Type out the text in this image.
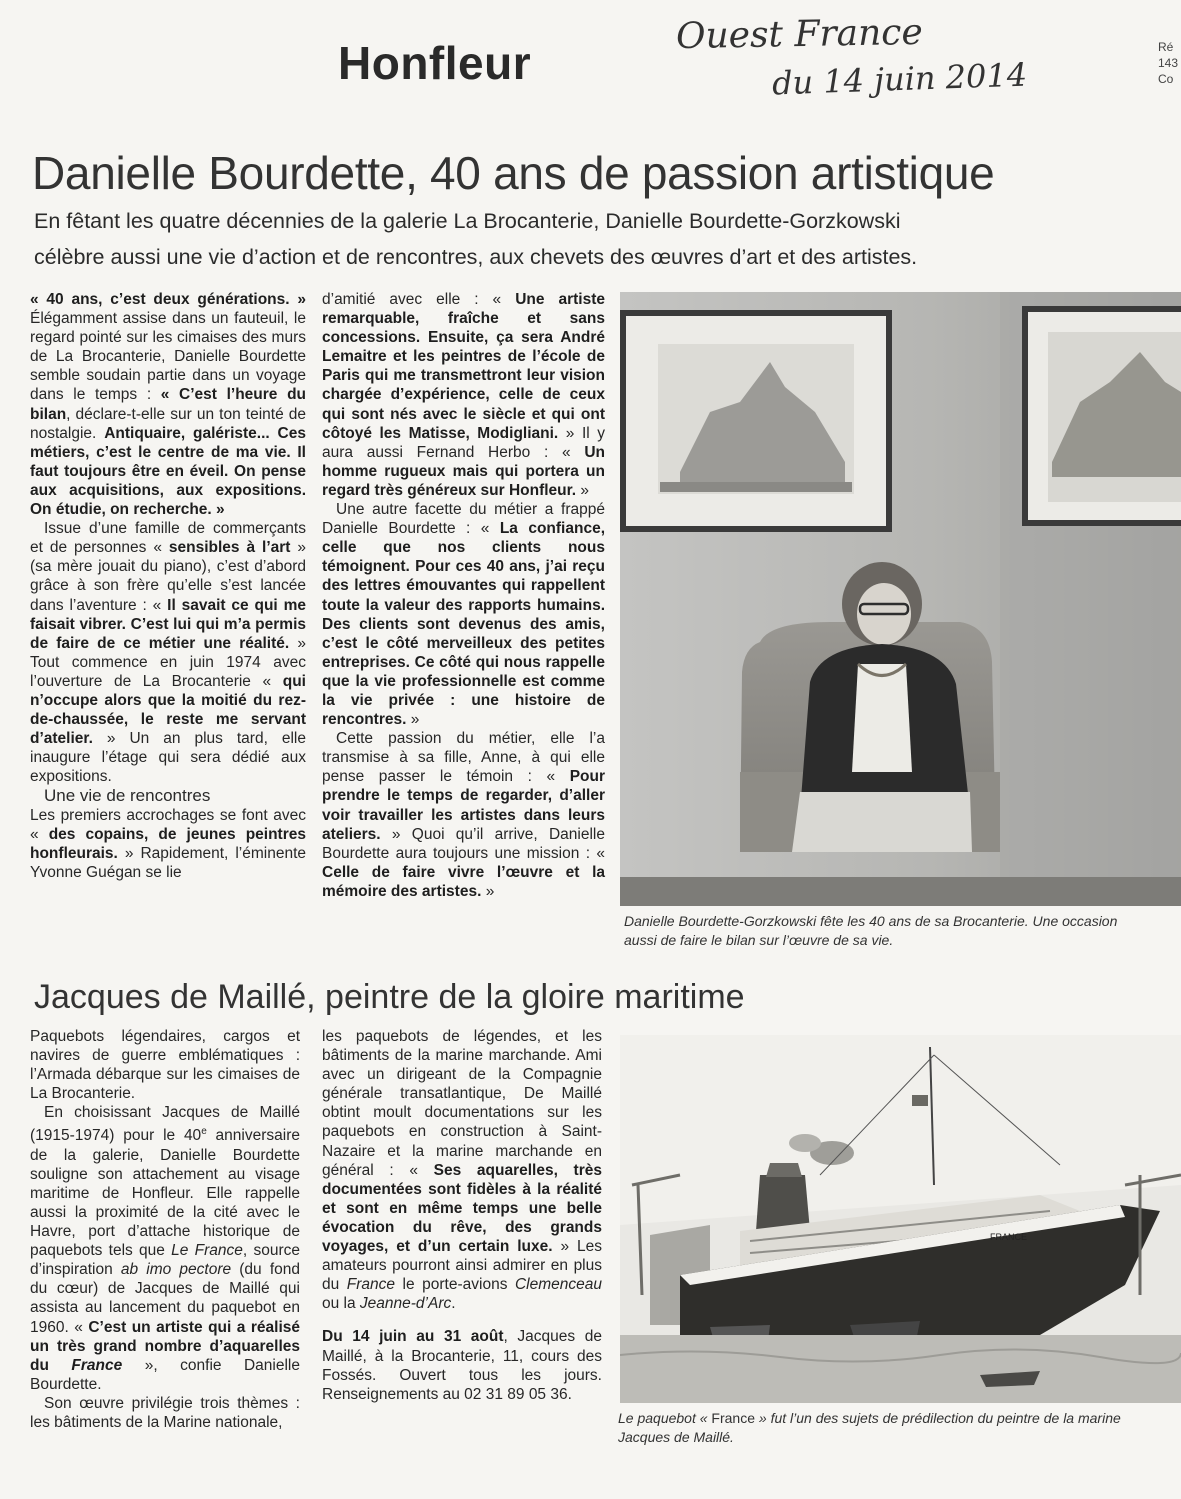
Honfleur
Ouest France
du 14 juin 2014
Ré
143
Co
Danielle Bourdette, 40 ans de passion artistique
En fêtant les quatre décennies de la galerie La Brocanterie, Danielle Bourdette-Gorzkowski
célèbre aussi une vie d’action et de rencontres, aux chevets des œuvres d’art et des artistes.

« 40 ans, c’est deux générations. » Élégamment assise dans un fauteuil, le regard pointé sur les cimaises des murs de La Brocanterie, Danielle Bourdette semble soudain partie dans un voyage dans le temps : « C’est l’heure du bilan, déclare-t-elle sur un ton teinté de nostalgie. Antiquaire, galériste... Ces métiers, c’est le centre de ma vie. Il faut toujours être en éveil. On pense aux acquisitions, aux expositions. On étudie, on recherche. »

Issue d’une famille de commerçants et de personnes « sensibles à l’art » (sa mère jouait du piano), c’est d’abord grâce à son frère qu’elle s’est lancée dans l’aventure : « Il savait ce qui me faisait vibrer. C’est lui qui m’a permis de faire de ce métier une réalité. » Tout commence en juin 1974 avec l’ouverture de La Brocanterie « qui n’occupe alors que la moitié du rez-de-chaussée, le reste me servant d’atelier. » Un an plus tard, elle inaugure l’étage qui sera dédié aux expositions.

Une vie de rencontres

Les premiers accrochages se font avec « des copains, de jeunes peintres honfleurais. » Rapidement, l’éminente Yvonne Guégan se lie

d’amitié avec elle : « Une artiste remarquable, fraîche et sans concessions. Ensuite, ça sera André Lemaitre et les peintres de l’école de Paris qui me transmettront leur vision chargée d’expérience, celle de ceux qui sont nés avec le siècle et qui ont côtoyé les Matisse, Modigliani. » Il y aura aussi Fernand Herbo : « Un homme rugueux mais qui portera un regard très généreux sur Honfleur. »

Une autre facette du métier a frappé Danielle Bourdette : « La confiance, celle que nos clients nous témoignent. Pour ces 40 ans, j’ai reçu des lettres émouvantes qui rappellent toute la valeur des rapports humains. Des clients sont devenus des amis, c’est le côté merveilleux des petites entreprises. Ce côté qui nous rappelle que la vie professionnelle est comme la vie privée : une histoire de rencontres. »

Cette passion du métier, elle l’a transmise à sa fille, Anne, à qui elle pense passer le témoin : « Pour prendre le temps de regarder, d’aller voir travailler les artistes dans leurs ateliers. » Quoi qu’il arrive, Danielle Bourdette aura toujours une mission : « Celle de faire vivre l’œuvre et la mémoire des artistes. »

Danielle Bourdette-Gorzkowski fête les 40 ans de sa Brocanterie. Une occasion
aussi de faire le bilan sur l’œuvre de sa vie.
Jacques de Maillé, peintre de la gloire maritime

Paquebots légendaires, cargos et navires de guerre emblématiques : l’Armada débarque sur les cimaises de La Brocanterie.

En choisissant Jacques de Maillé (1915-1974) pour le 40e anniversaire de la galerie, Danielle Bourdette souligne son attachement au visage maritime de Honfleur. Elle rappelle aussi la proximité de la cité avec le Havre, port d’attache historique de paquebots tels que Le France, source d’inspiration ab imo pectore (du fond du cœur) de Jacques de Maillé qui assista au lancement du paquebot en 1960. « C’est un artiste qui a réalisé un très grand nombre d’aquarelles du France », confie Danielle Bourdette.

Son œuvre privilégie trois thèmes : les bâtiments de la Marine nationale,

les paquebots de légendes, et les bâtiments de la marine marchande. Ami avec un dirigeant de la Compagnie générale transatlantique, De Maillé obtint moult documentations sur les paquebots en construction à Saint-Nazaire et la marine marchande en général : « Ses aquarelles, très documentées sont fidèles à la réalité et sont en même temps une belle évocation du rêve, des grands voyages, et d’un certain luxe. » Les amateurs pourront ainsi admirer en plus du France le porte-avions Clemenceau ou la Jeanne-d’Arc.

Du 14 juin au 31 août, Jacques de Maillé, à la Brocanterie, 11, cours des Fossés. Ouvert tous les jours. Renseignements au 02 31 89 05 36.

FRANCE
Le paquebot « France » fut l’un des sujets de prédilection du peintre de la marine
Jacques de Maillé.
